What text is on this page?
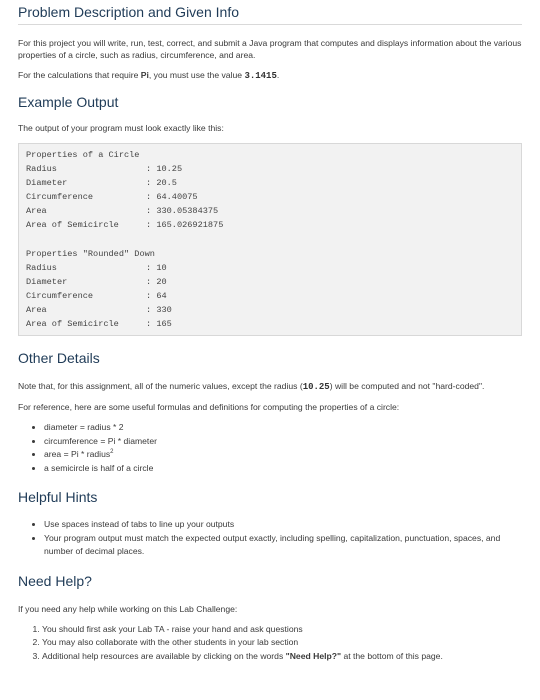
Problem Description and Given Info

For this project you will write, run, test, correct, and submit a Java program that computes and displays information about the various properties of a circle, such as radius, circumference, and area.

For the calculations that require Pi, you must use the value 3.1415.

Example Output

The output of your program must look exactly like this:

Properties of a Circle
Radius	: 10.25
Diameter	: 20.5
Circumference	: 64.40075
Area	: 330.05384375
Area of Semicircle	: 165.026921875
Properties "Rounded" Down
Radius	: 10
Diameter	: 20
Circumference	: 64
Area	: 330
Area of Semicircle	: 165
Other Details

Note that, for this assignment, all of the numeric values, except the radius (10.25) will be computed and not "hard-coded".

For reference, here are some useful formulas and definitions for computing the properties of a circle:

• diameter = radius * 2
• circumference = Pi * diameter
• area = Pi * radius$^2$
• a semicircle is half of a circle
Helpful Hints
• Use spaces instead of tabs to line up your outputs
• Your program output must match the expected output exactly, including spelling, capitalization, punctuation, spaces, and number of decimal places.
Need Help?

If you need any help while working on this Lab Challenge:

1. You should first ask your Lab TA - raise your hand and ask questions
2. You may also collaborate with the other students in your lab section
3. Additional help resources are available by clicking on the words "Need Help?" at the bottom of this page.
